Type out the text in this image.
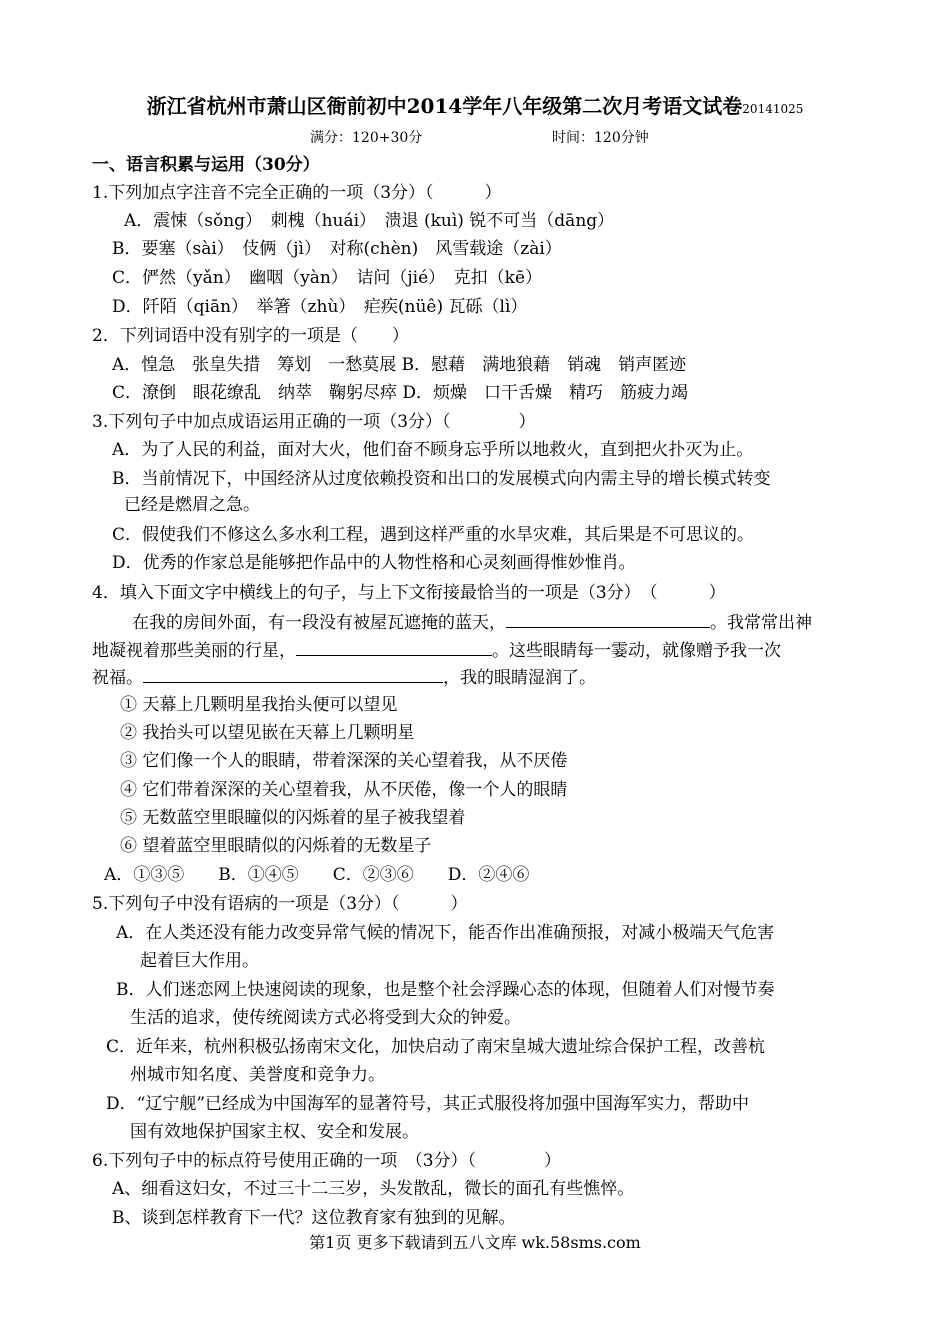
浙江省杭州市萧山区衙前初中2014学年八年级第二次月考语文试卷20141025
满分：120+30分	时间：120分钟
一、语言积累与运用（30分）
1.下列加点字注音不完全正确的一项（3分）（　　　）
A．震悚（sǒng）　刺槐（huái）　溃退 (kuì) 锐不可当（dāng）
B．要塞（sài）　伎俩（jì）　对称(chèn)　风雪载途（zài）
C．俨然（yǎn）　幽咽（yàn）　诘问（jié）　克扣（kē）
D．阡陌（qiān）　举箸（zhù）　疟疾(nüê) 瓦砾（lì）
2．下列词语中没有别字的一项是（　　）
A．惶急　张皇失措　筹划　一愁莫展 B．慰藉　满地狼藉　销魂　销声匿迹
C．潦倒　眼花缭乱　纳萃　鞠躬尽瘁 D．烦燥　口干舌燥　精巧　筋疲力竭
3.下列句子中加点成语运用正确的一项（3分）（　　　　）
A．为了人民的利益，面对大火，他们奋不顾身忘乎所以地救火，直到把火扑灭为止。
B．当前情况下，中国经济从过度依赖投资和出口的发展模式向内需主导的增长模式转变
已经是燃眉之急。
C．假使我们不修这么多水利工程，遇到这样严重的水旱灾难，其后果是不可思议的。
D．优秀的作家总是能够把作品中的人物性格和心灵刻画得惟妙惟肖。
4．填入下面文字中横线上的句子，与上下文衔接最恰当的一项是（3分）　（　　　）
在我的房间外面，有一段没有被屋瓦遮掩的蓝天，	。我常常出神
地凝视着那些美丽的行星，	。这些眼睛每一霎动，就像赠予我一次
祝福。	，我的眼睛湿润了。
① 天幕上几颗明星我抬头便可以望见
② 我抬头可以望见嵌在天幕上几颗明星
③ 它们像一个人的眼睛，带着深深的关心望着我，从不厌倦
④ 它们带着深深的关心望着我，从不厌倦，像一个人的眼睛
⑤ 无数蓝空里眼瞳似的闪烁着的星子被我望着
⑥ 望着蓝空里眼睛似的闪烁着的无数星子
A．①③⑤　　B．①④⑤　　C．②③⑥　　D．②④⑥
5.下列句子中没有语病的一项是（3分）（　　　）
A．在人类还没有能力改变异常气候的情况下，能否作出准确预报，对减小极端天气危害
起着巨大作用。
B．人们迷恋网上快速阅读的现象，也是整个社会浮躁心态的体现，但随着人们对慢节奏
生活的追求，使传统阅读方式必将受到大众的钟爱。
C．近年来，杭州积极弘扬南宋文化，加快启动了南宋皇城大遗址综合保护工程，改善杭
州城市知名度、美誉度和竞争力。
D．“辽宁舰”已经成为中国海军的显著符号，其正式服役将加强中国海军实力，帮助中
国有效地保护国家主权、安全和发展。
6.下列句子中的标点符号使用正确的一项　（3分）（　　　　）
A、细看这妇女，不过三十二三岁，头发散乱，微长的面孔有些憔悴。
B、谈到怎样教育下一代？这位教育家有独到的见解。
第1页 更多下载请到五八文库 wk.58sms.com
